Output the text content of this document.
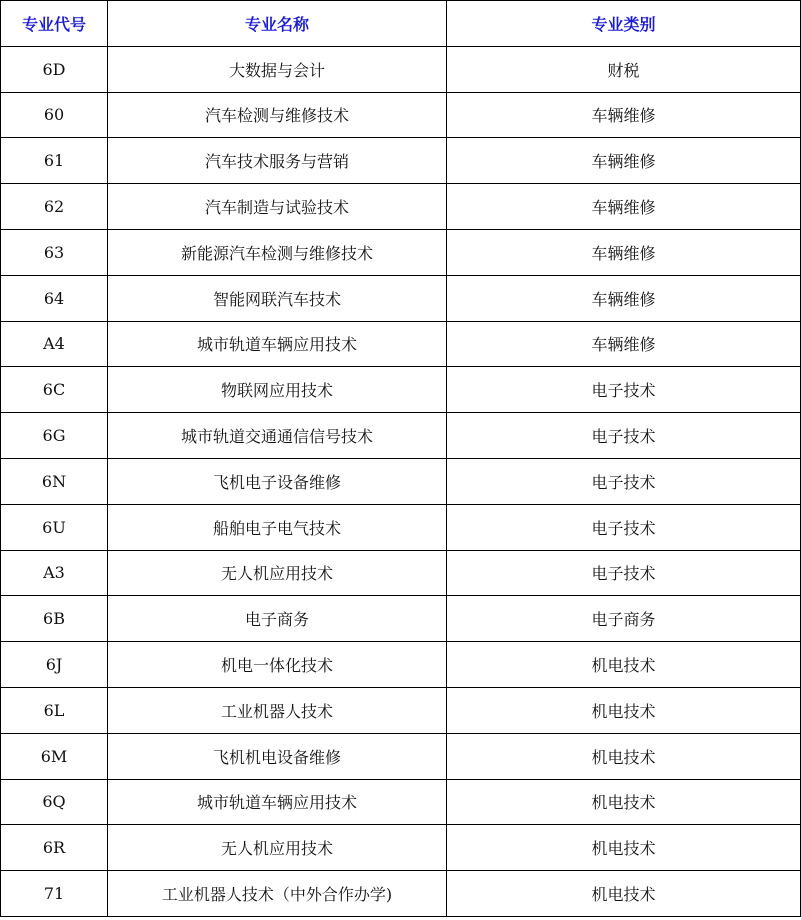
专业代号	专业名称	专业类别
6D	大数据与会计	财税
60	汽车检测与维修技术	车辆维修
61	汽车技术服务与营销	车辆维修
62	汽车制造与试验技术	车辆维修
63	新能源汽车检测与维修技术	车辆维修
64	智能网联汽车技术	车辆维修
A4	城市轨道车辆应用技术	车辆维修
6C	物联网应用技术	电子技术
6G	城市轨道交通通信信号技术	电子技术
6N	飞机电子设备维修	电子技术
6U	船舶电子电气技术	电子技术
A3	无人机应用技术	电子技术
6B	电子商务	电子商务
6J	机电一体化技术	机电技术
6L	工业机器人技术	机电技术
6M	飞机机电设备维修	机电技术
6Q	城市轨道车辆应用技术	机电技术
6R	无人机应用技术	机电技术
71	工业机器人技术（中外合作办学)	机电技术
